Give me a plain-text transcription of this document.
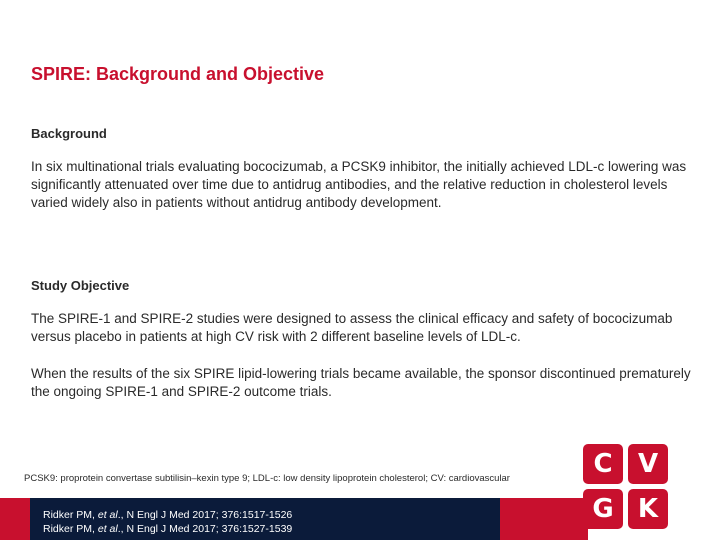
SPIRE: Background and Objective
Background
In six multinational trials evaluating bococizumab, a PCSK9 inhibitor, the initially achieved LDL-c lowering was significantly attenuated over time due to antidrug antibodies, and the relative reduction in cholesterol levels varied widely also in patients without antidrug antibody development.
Study Objective
The SPIRE-1 and SPIRE-2 studies were designed to assess the clinical efficacy and safety of bococizumab versus placebo in patients at high CV risk with 2 different baseline levels of LDL-c.
When the results of the six SPIRE lipid-lowering trials became available, the sponsor discontinued prematurely the ongoing SPIRE-1 and SPIRE-2 outcome trials.
PCSK9: proprotein convertase subtilisin–kexin type 9; LDL-c: low density lipoprotein cholesterol; CV: cardiovascular
Ridker PM, et al., N Engl J Med 2017; 376:1517-1526
Ridker PM, et al., N Engl J Med 2017; 376:1527-1539
C V
G K
